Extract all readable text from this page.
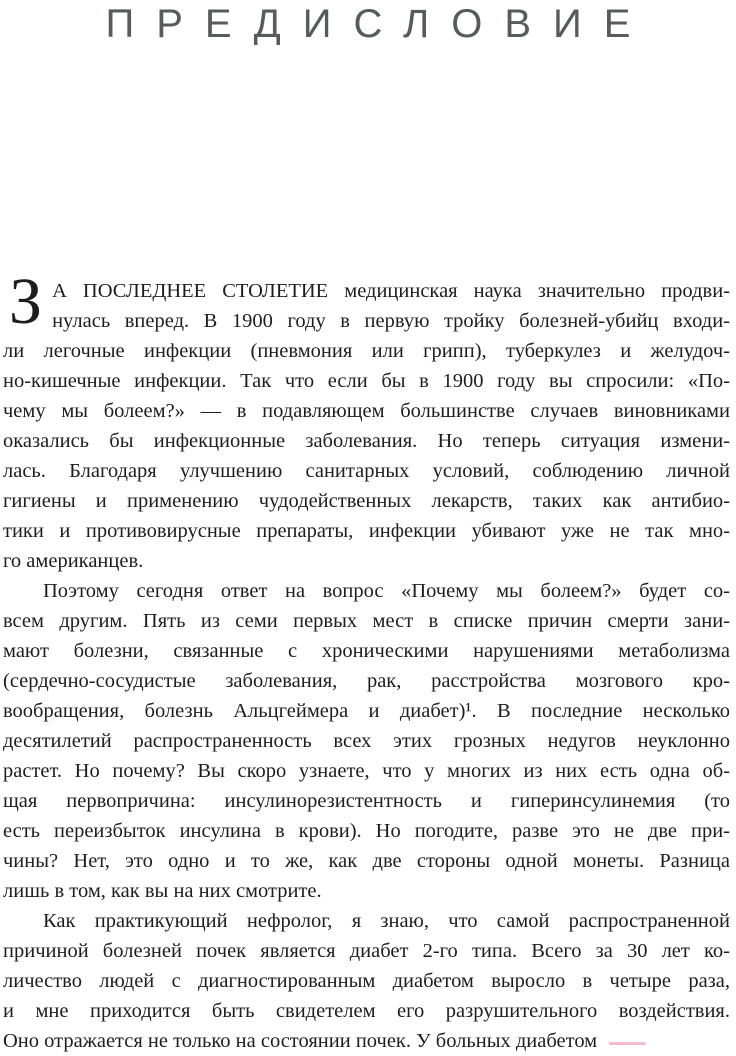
ПРЕДИСЛОВИЕ
З А ПОСЛЕДНЕЕ СТОЛЕТИЕ медицинская наука значительно продви-
нулась вперед. В 1900 году в первую тройку болезней-убийц входи-
ли легочные инфекции (пневмония или грипп), туберкулез и желудоч-
но-кишечные инфекции. Так что если бы в 1900 году вы спросили: «По-
чему мы болеем?» — в подавляющем большинстве случаев виновниками
оказались бы инфекционные заболевания. Но теперь ситуация измени-
лась. Благодаря улучшению санитарных условий, соблюдению личной
гигиены и применению чудодейственных лекарств, таких как антибио-
тики и противовирусные препараты, инфекции убивают уже не так мно-
го американцев.
Поэтому сегодня ответ на вопрос «Почему мы болеем?» будет со-
всем другим. Пять из семи первых мест в списке причин смерти зани-
мают болезни, связанные с хроническими нарушениями метаболизма
(сердечно-сосудистые заболевания, рак, расстройства мозгового кро-
вообращения, болезнь Альцгеймера и диабет)¹. В последние несколько
десятилетий распространенность всех этих грозных недугов неуклонно
растет. Но почему? Вы скоро узнаете, что у многих из них есть одна об-
щая первопричина: инсулинорезистентность и гиперинсулинемия (то
есть переизбыток инсулина в крови). Но погодите, разве это не две при-
чины? Нет, это одно и то же, как две стороны одной монеты. Разница
лишь в том, как вы на них смотрите.
Как практикующий нефролог, я знаю, что самой распространенной
причиной болезней почек является диабет 2-го типа. Всего за 30 лет ко-
личество людей с диагностированным диабетом выросло в четыре раза,
и мне приходится быть свидетелем его разрушительного воздействия.
Оно отражается не только на состоянии почек. У больных диабетом
